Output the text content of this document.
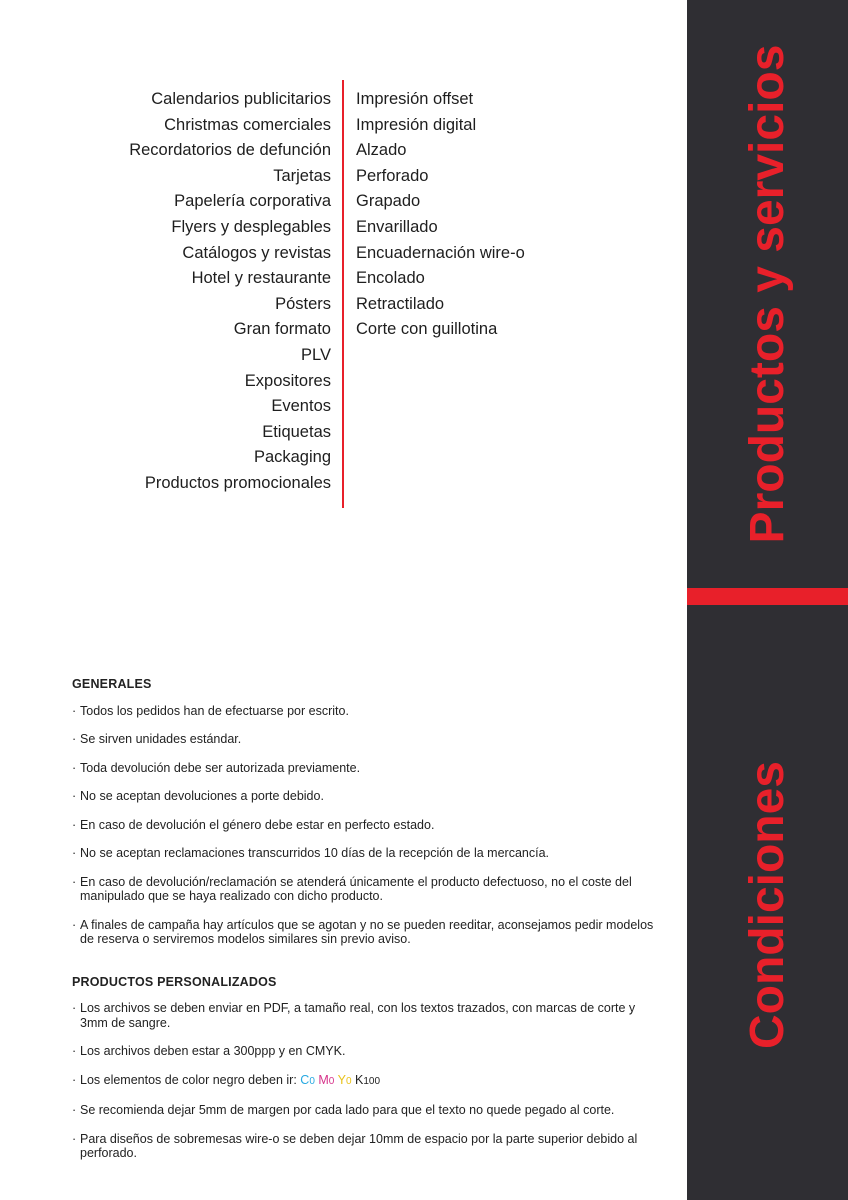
Productos y servicios
Condiciones
Calendarios publicitarios
Christmas comerciales
Recordatorios de defunción
Tarjetas
Papelería corporativa
Flyers y desplegables
Catálogos y revistas
Hotel y restaurante
Pósters
Gran formato
PLV
Expositores
Eventos
Etiquetas
Packaging
Productos promocionales
Impresión offset
Impresión digital
Alzado
Perforado
Grapado
Envarillado
Encuadernación wire-o
Encolado
Retractilado
Corte con guillotina
GENERALES
· Todos los pedidos han de efectuarse por escrito.
· Se sirven unidades estándar.
· Toda devolución debe ser autorizada previamente.
· No se aceptan devoluciones a porte debido.
· En caso de devolución el género debe estar en perfecto estado.
· No se aceptan reclamaciones transcurridos 10 días de la recepción de la mercancía.
· En caso de devolución/reclamación se atenderá únicamente el producto defectuoso, no el coste del manipulado que se haya realizado con dicho producto.
· A finales de campaña hay artículos que se agotan y no se pueden reeditar, aconsejamos pedir modelos de reserva o serviremos modelos similares sin previo aviso.
PRODUCTOS PERSONALIZADOS
· Los archivos se deben enviar en PDF, a tamaño real, con los textos trazados, con marcas de corte y 3mm de sangre.
· Los archivos deben estar a 300ppp y en CMYK.
· Los elementos de color negro deben ir: C0 M0 Y0 K100
· Se recomienda dejar 5mm de margen por cada lado para que el texto no quede pegado al corte.
· Para diseños de sobremesas wire-o se deben dejar 10mm de espacio por la parte superior debido al perforado.
